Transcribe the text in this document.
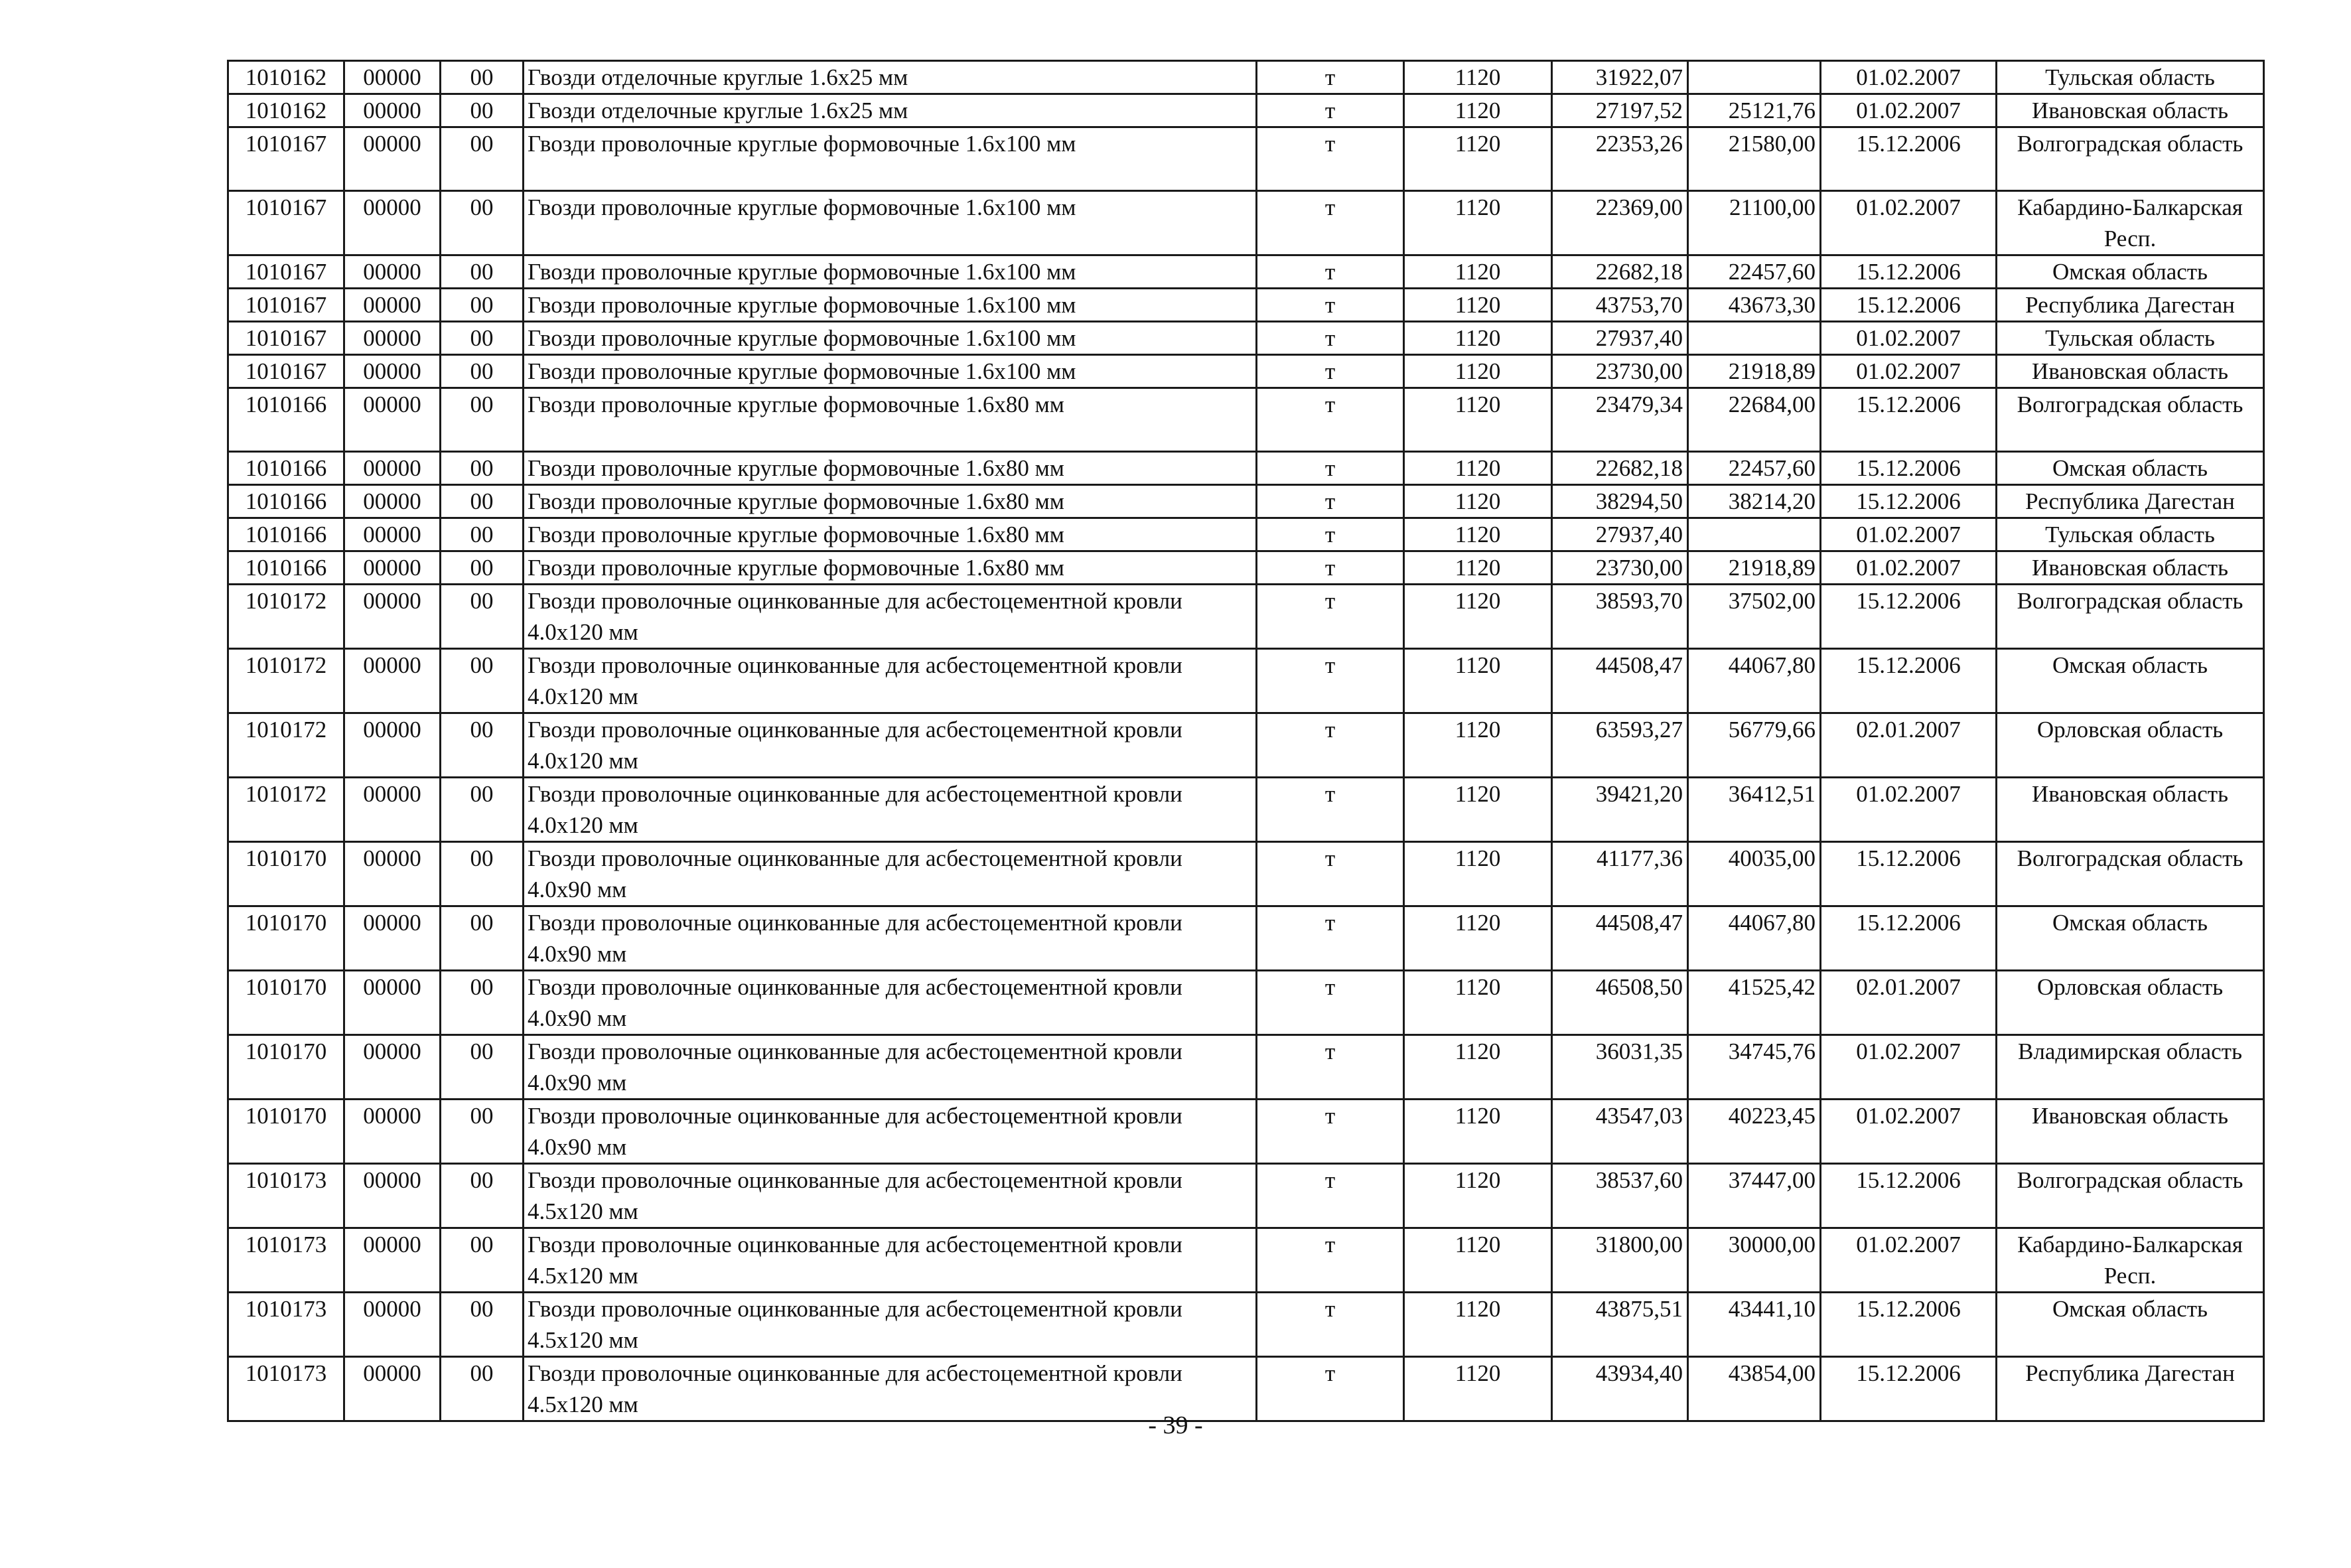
1010162	00000	00	Гвозди отделочные круглые 1.6х25 мм	т	1120	31922,07		01.02.2007	Тульская область
1010162	00000	00	Гвозди отделочные круглые 1.6х25 мм	т	1120	27197,52	25121,76	01.02.2007	Ивановская область
1010167	00000	00	Гвозди проволочные круглые формовочные 1.6х100 мм	т	1120	22353,26	21580,00	15.12.2006	Волгоградская область
1010167	00000	00	Гвозди проволочные круглые формовочные 1.6х100 мм	т	1120	22369,00	21100,00	01.02.2007	Кабардино-Балкарская Респ.
1010167	00000	00	Гвозди проволочные круглые формовочные 1.6х100 мм	т	1120	22682,18	22457,60	15.12.2006	Омская область
1010167	00000	00	Гвозди проволочные круглые формовочные 1.6х100 мм	т	1120	43753,70	43673,30	15.12.2006	Республика Дагестан
1010167	00000	00	Гвозди проволочные круглые формовочные 1.6х100 мм	т	1120	27937,40		01.02.2007	Тульская область
1010167	00000	00	Гвозди проволочные круглые формовочные 1.6х100 мм	т	1120	23730,00	21918,89	01.02.2007	Ивановская область
1010166	00000	00	Гвозди проволочные круглые формовочные 1.6х80 мм	т	1120	23479,34	22684,00	15.12.2006	Волгоградская область
1010166	00000	00	Гвозди проволочные круглые формовочные 1.6х80 мм	т	1120	22682,18	22457,60	15.12.2006	Омская область
1010166	00000	00	Гвозди проволочные круглые формовочные 1.6х80 мм	т	1120	38294,50	38214,20	15.12.2006	Республика Дагестан
1010166	00000	00	Гвозди проволочные круглые формовочные 1.6х80 мм	т	1120	27937,40		01.02.2007	Тульская область
1010166	00000	00	Гвозди проволочные круглые формовочные 1.6х80 мм	т	1120	23730,00	21918,89	01.02.2007	Ивановская область
1010172	00000	00	Гвозди проволочные оцинкованные для асбестоцементной кровли 4.0х120 мм	т	1120	38593,70	37502,00	15.12.2006	Волгоградская область
1010172	00000	00	Гвозди проволочные оцинкованные для асбестоцементной кровли 4.0х120 мм	т	1120	44508,47	44067,80	15.12.2006	Омская область
1010172	00000	00	Гвозди проволочные оцинкованные для асбестоцементной кровли 4.0х120 мм	т	1120	63593,27	56779,66	02.01.2007	Орловская область
1010172	00000	00	Гвозди проволочные оцинкованные для асбестоцементной кровли 4.0х120 мм	т	1120	39421,20	36412,51	01.02.2007	Ивановская область
1010170	00000	00	Гвозди проволочные оцинкованные для асбестоцементной кровли 4.0х90 мм	т	1120	41177,36	40035,00	15.12.2006	Волгоградская область
1010170	00000	00	Гвозди проволочные оцинкованные для асбестоцементной кровли 4.0х90 мм	т	1120	44508,47	44067,80	15.12.2006	Омская область
1010170	00000	00	Гвозди проволочные оцинкованные для асбестоцементной кровли 4.0х90 мм	т	1120	46508,50	41525,42	02.01.2007	Орловская область
1010170	00000	00	Гвозди проволочные оцинкованные для асбестоцементной кровли 4.0х90 мм	т	1120	36031,35	34745,76	01.02.2007	Владимирская область
1010170	00000	00	Гвозди проволочные оцинкованные для асбестоцементной кровли 4.0х90 мм	т	1120	43547,03	40223,45	01.02.2007	Ивановская область
1010173	00000	00	Гвозди проволочные оцинкованные для асбестоцементной кровли 4.5х120 мм	т	1120	38537,60	37447,00	15.12.2006	Волгоградская область
1010173	00000	00	Гвозди проволочные оцинкованные для асбестоцементной кровли 4.5х120 мм	т	1120	31800,00	30000,00	01.02.2007	Кабардино-Балкарская Респ.
1010173	00000	00	Гвозди проволочные оцинкованные для асбестоцементной кровли 4.5х120 мм	т	1120	43875,51	43441,10	15.12.2006	Омская область
1010173	00000	00	Гвозди проволочные оцинкованные для асбестоцементной кровли 4.5х120 мм	т	1120	43934,40	43854,00	15.12.2006	Республика Дагестан
- 39 -
